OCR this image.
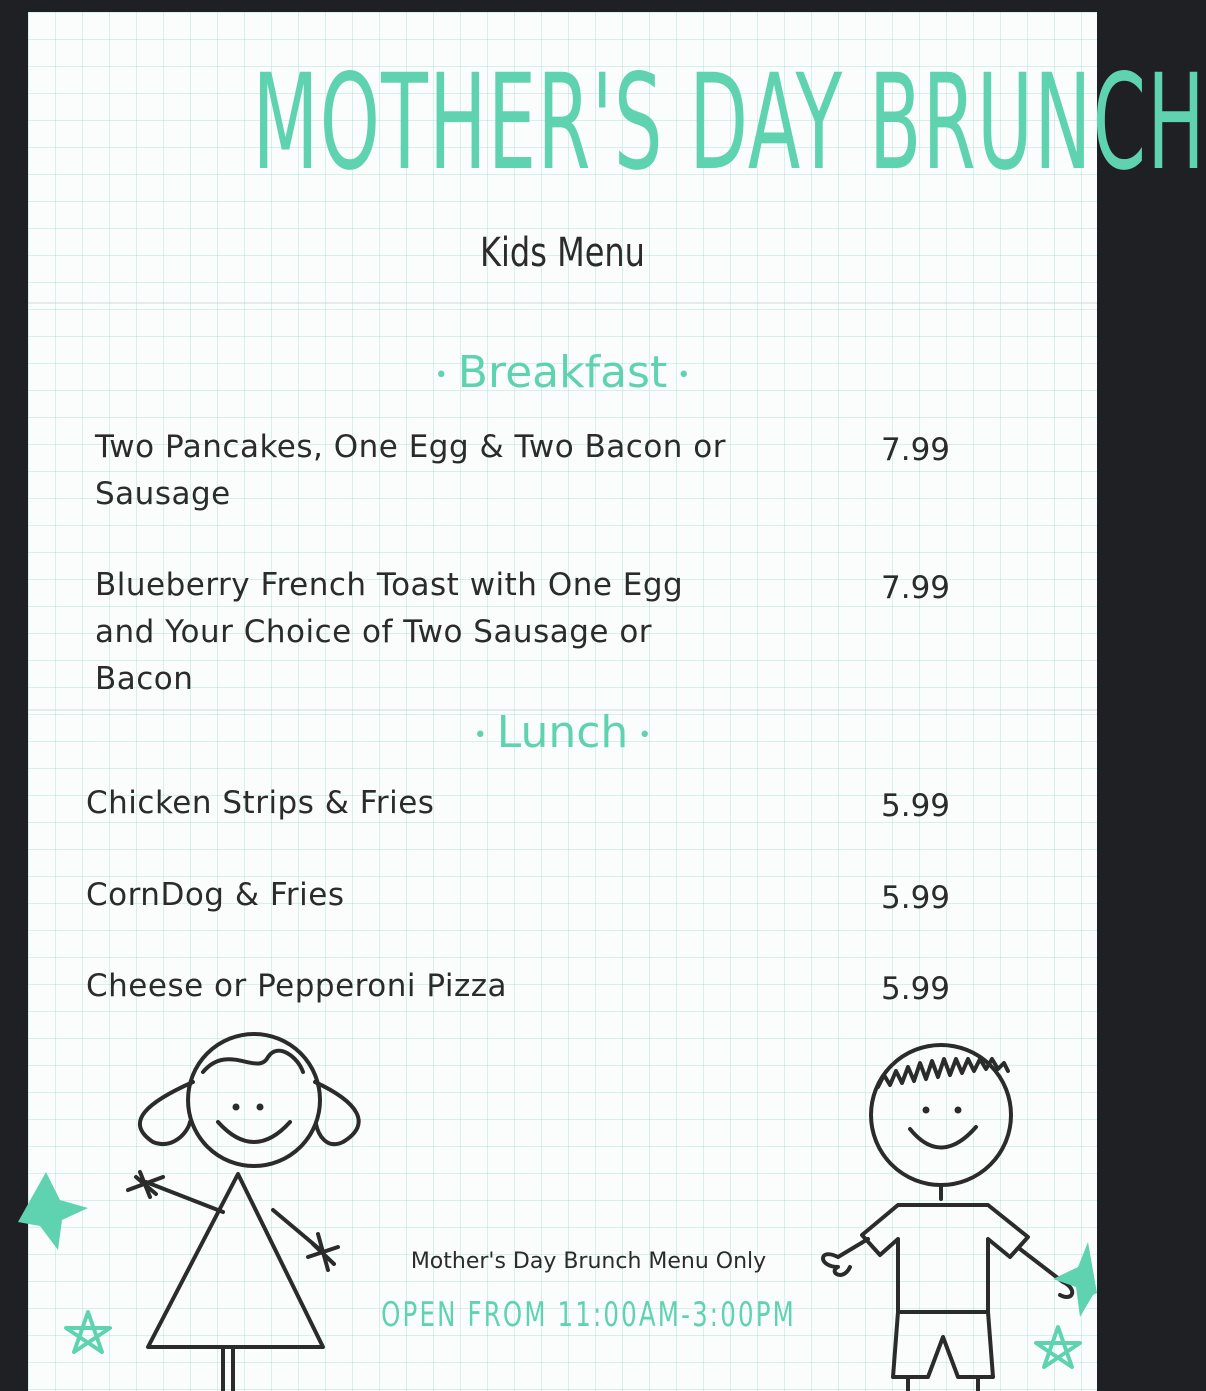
MOTHER'S DAY BRUNCH
Kids Menu
• Breakfast •
Two Pancakes, One Egg & Two Bacon or
Sausage
7.99
Blueberry French Toast with One Egg
and Your Choice of Two Sausage or
Bacon
7.99
• Lunch •
Chicken Strips & Fries	5.99
CornDog & Fries	5.99
Cheese or Pepperoni Pizza	5.99
Mother's Day Brunch Menu Only
OPEN FROM 11:00AM-3:00PM
